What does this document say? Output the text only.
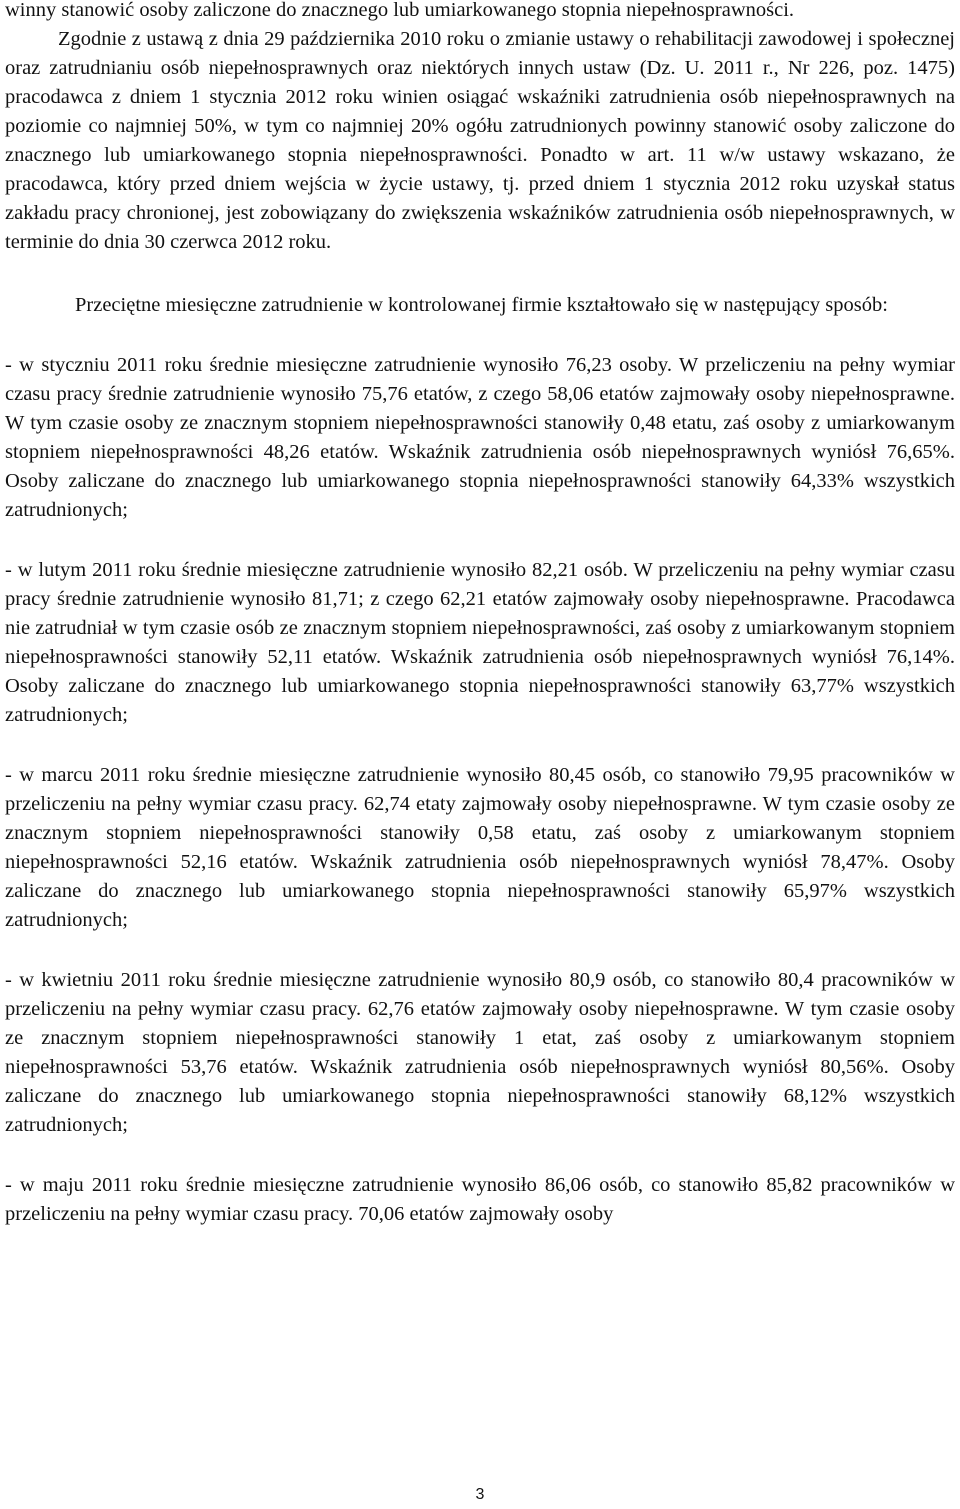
winny stanowić osoby zaliczone do znacznego lub umiarkowanego stopnia niepełnosprawności.

Zgodnie z ustawą z dnia 29 października 2010 roku o zmianie ustawy o rehabilitacji zawodowej i społecznej oraz zatrudnianiu osób niepełnosprawnych oraz niektórych innych ustaw (Dz. U. 2011 r., Nr 226, poz. 1475) pracodawca z dniem 1 stycznia 2012 roku winien osiągać wskaźniki zatrudnienia osób niepełnosprawnych na poziomie co najmniej 50%, w tym co najmniej 20% ogółu zatrudnionych powinny stanowić osoby zaliczone do znacznego lub umiarkowanego stopnia niepełnosprawności. Ponadto w art. 11 w/w ustawy wskazano, że pracodawca, który przed dniem wejścia w życie ustawy, tj. przed dniem 1 stycznia 2012 roku uzyskał status zakładu pracy chronionej, jest zobowiązany do zwiększenia wskaźników zatrudnienia osób niepełnosprawnych, w terminie do dnia 30 czerwca 2012 roku.

Przeciętne miesięczne zatrudnienie w kontrolowanej firmie kształtowało się w następujący sposób:

- w styczniu 2011 roku średnie miesięczne zatrudnienie wynosiło 76,23 osoby. W przeliczeniu na pełny wymiar czasu pracy średnie zatrudnienie wynosiło 75,76 etatów, z czego 58,06 etatów zajmowały osoby niepełnosprawne. W tym czasie osoby ze znacznym stopniem niepełnosprawności stanowiły 0,48 etatu, zaś osoby z umiarkowanym stopniem niepełnosprawności 48,26 etatów. Wskaźnik zatrudnienia osób niepełnosprawnych wyniósł 76,65%. Osoby zaliczane do znacznego lub umiarkowanego stopnia niepełnosprawności stanowiły 64,33% wszystkich zatrudnionych;

- w lutym 2011 roku średnie miesięczne zatrudnienie wynosiło 82,21 osób. W przeliczeniu na pełny wymiar czasu pracy średnie zatrudnienie wynosiło 81,71; z czego 62,21 etatów zajmowały osoby niepełnosprawne. Pracodawca nie zatrudniał w tym czasie osób ze znacznym stopniem niepełnosprawności, zaś osoby z umiarkowanym stopniem niepełnosprawności stanowiły 52,11 etatów. Wskaźnik zatrudnienia osób niepełnosprawnych wyniósł 76,14%. Osoby zaliczane do znacznego lub umiarkowanego stopnia niepełnosprawności stanowiły 63,77% wszystkich zatrudnionych;

- w marcu 2011 roku średnie miesięczne zatrudnienie wynosiło 80,45 osób, co stanowiło 79,95 pracowników w przeliczeniu na pełny wymiar czasu pracy. 62,74 etaty zajmowały osoby niepełnosprawne. W tym czasie osoby ze znacznym stopniem niepełnosprawności stanowiły 0,58 etatu, zaś osoby z umiarkowanym stopniem niepełnosprawności 52,16 etatów. Wskaźnik zatrudnienia osób niepełnosprawnych wyniósł 78,47%. Osoby zaliczane do znacznego lub umiarkowanego stopnia niepełnosprawności stanowiły 65,97% wszystkich zatrudnionych;

- w kwietniu 2011 roku średnie miesięczne zatrudnienie wynosiło 80,9 osób, co stanowiło 80,4 pracowników w przeliczeniu na pełny wymiar czasu pracy. 62,76 etatów zajmowały osoby niepełnosprawne. W tym czasie osoby ze znacznym stopniem niepełnosprawności stanowiły 1 etat, zaś osoby z umiarkowanym stopniem niepełnosprawności 53,76 etatów. Wskaźnik zatrudnienia osób niepełnosprawnych wyniósł 80,56%. Osoby zaliczane do znacznego lub umiarkowanego stopnia niepełnosprawności stanowiły 68,12% wszystkich zatrudnionych;

- w maju 2011 roku średnie miesięczne zatrudnienie wynosiło 86,06 osób, co stanowiło 85,82 pracowników w przeliczeniu na pełny wymiar czasu pracy. 70,06 etatów zajmowały osoby

3
